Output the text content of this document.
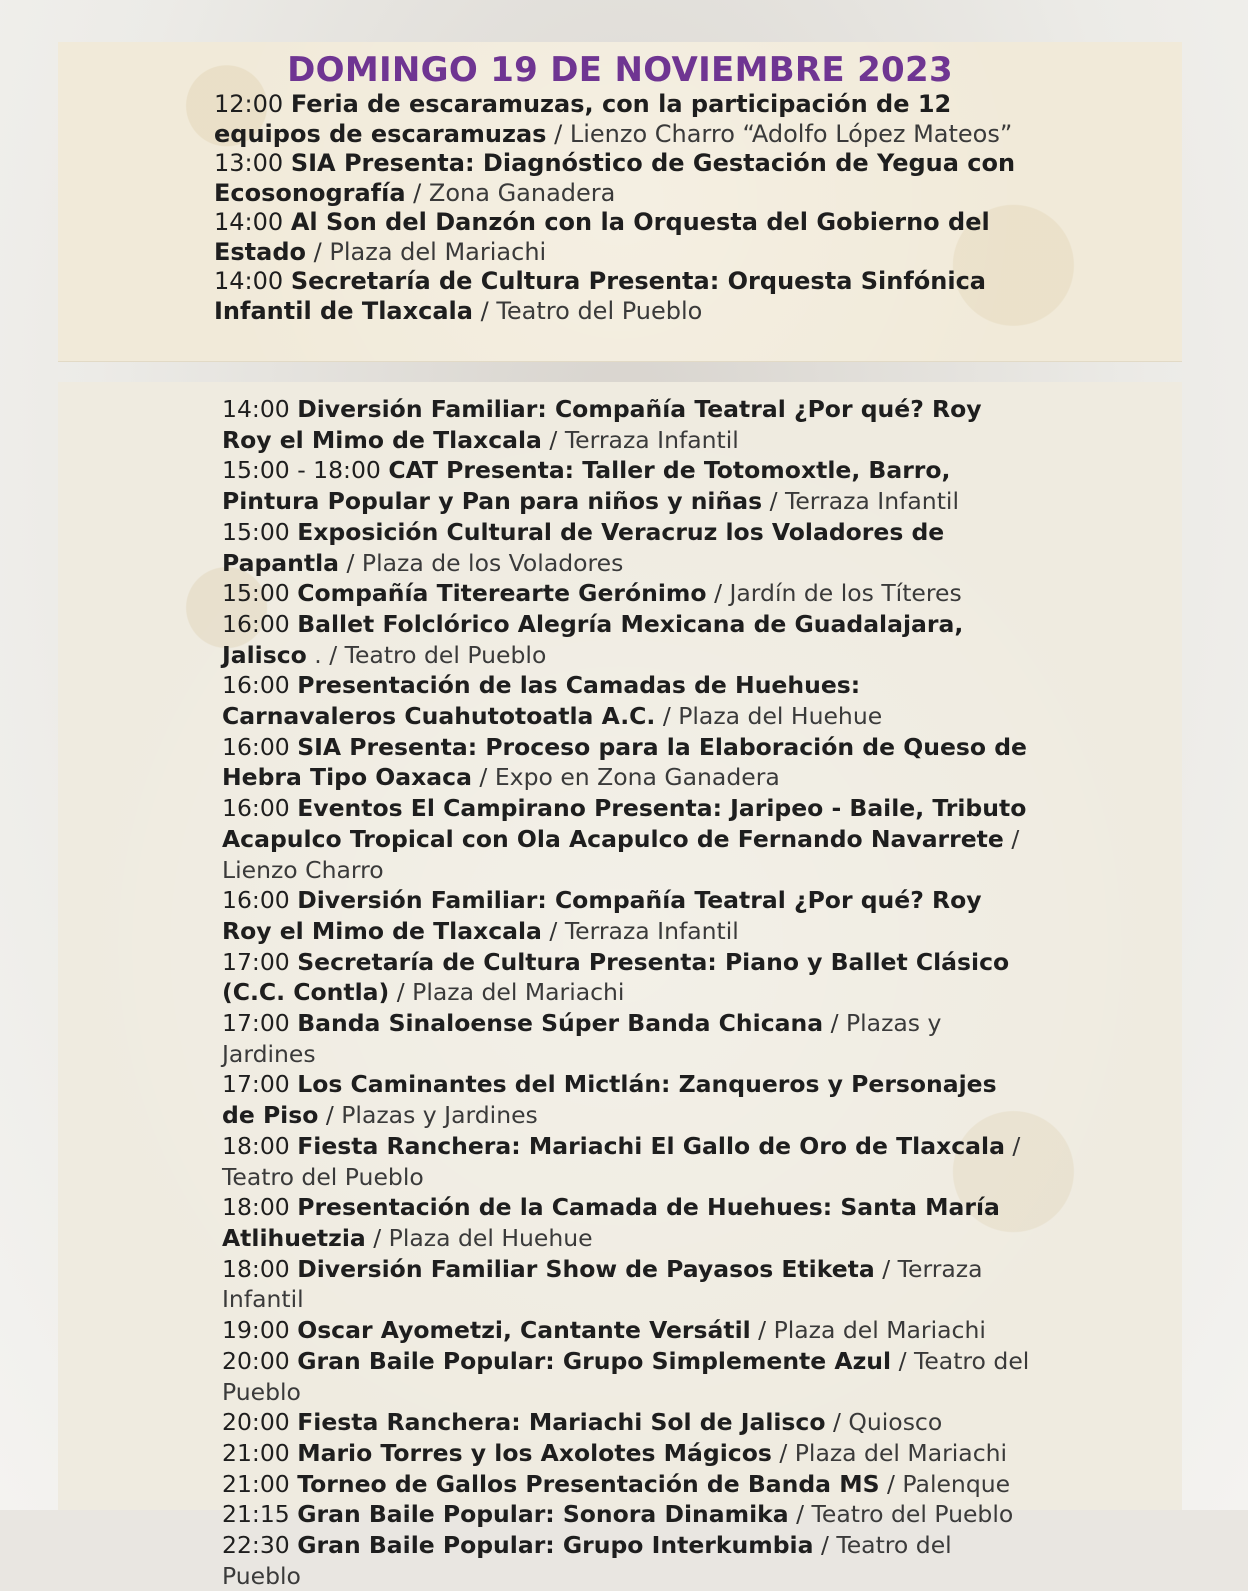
DOMINGO 19 DE NOVIEMBRE 2023
12:00 Feria de escaramuzas, con la participación de 12 equipos de escaramuzas / Lienzo Charro “Adolfo López Mateos”
13:00 SIA Presenta: Diagnóstico de Gestación de Yegua con Ecosonografía / Zona Ganadera
14:00 Al Son del Danzón con la Orquesta del Gobierno del Estado / Plaza del Mariachi
14:00 Secretaría de Cultura Presenta: Orquesta Sinfónica Infantil de Tlaxcala / Teatro del Pueblo
14:00 Diversión Familiar: Compañía Teatral ¿Por qué? Roy Roy el Mimo de Tlaxcala / Terraza Infantil
15:00 - 18:00 CAT Presenta: Taller de Totomoxtle, Barro, Pintura Popular y Pan para niños y niñas / Terraza Infantil
15:00 Exposición Cultural de Veracruz los Voladores de Papantla / Plaza de los Voladores
15:00 Compañía Titerearte Gerónimo / Jardín de los Títeres
16:00 Ballet Folclórico Alegría Mexicana de Guadalajara, Jalisco . / Teatro del Pueblo
16:00 Presentación de las Camadas de Huehues: Carnavaleros Cuahutotoatla A.C. / Plaza del Huehue
16:00 SIA Presenta: Proceso para la Elaboración de Queso de Hebra Tipo Oaxaca / Expo en Zona Ganadera
16:00 Eventos El Campirano Presenta: Jaripeo - Baile, Tributo Acapulco Tropical con Ola Acapulco de Fernando Navarrete / Lienzo Charro
16:00 Diversión Familiar: Compañía Teatral ¿Por qué? Roy Roy el Mimo de Tlaxcala / Terraza Infantil
17:00 Secretaría de Cultura Presenta: Piano y Ballet Clásico (C.C. Contla) / Plaza del Mariachi
17:00 Banda Sinaloense Súper Banda Chicana / Plazas y Jardines
17:00 Los Caminantes del Mictlán: Zanqueros y Personajes de Piso / Plazas y Jardines
18:00 Fiesta Ranchera: Mariachi El Gallo de Oro de Tlaxcala / Teatro del Pueblo
18:00 Presentación de la Camada de Huehues: Santa María Atlihuetzia / Plaza del Huehue
18:00 Diversión Familiar Show de Payasos Etiketa / Terraza Infantil
19:00 Oscar Ayometzi, Cantante Versátil / Plaza del Mariachi
20:00 Gran Baile Popular: Grupo Simplemente Azul / Teatro del Pueblo
20:00 Fiesta Ranchera: Mariachi Sol de Jalisco / Quiosco
21:00 Mario Torres y los Axolotes Mágicos / Plaza del Mariachi
21:00 Torneo de Gallos Presentación de Banda MS / Palenque
21:15 Gran Baile Popular: Sonora Dinamika / Teatro del Pueblo
22:30 Gran Baile Popular: Grupo Interkumbia / Teatro del Pueblo
